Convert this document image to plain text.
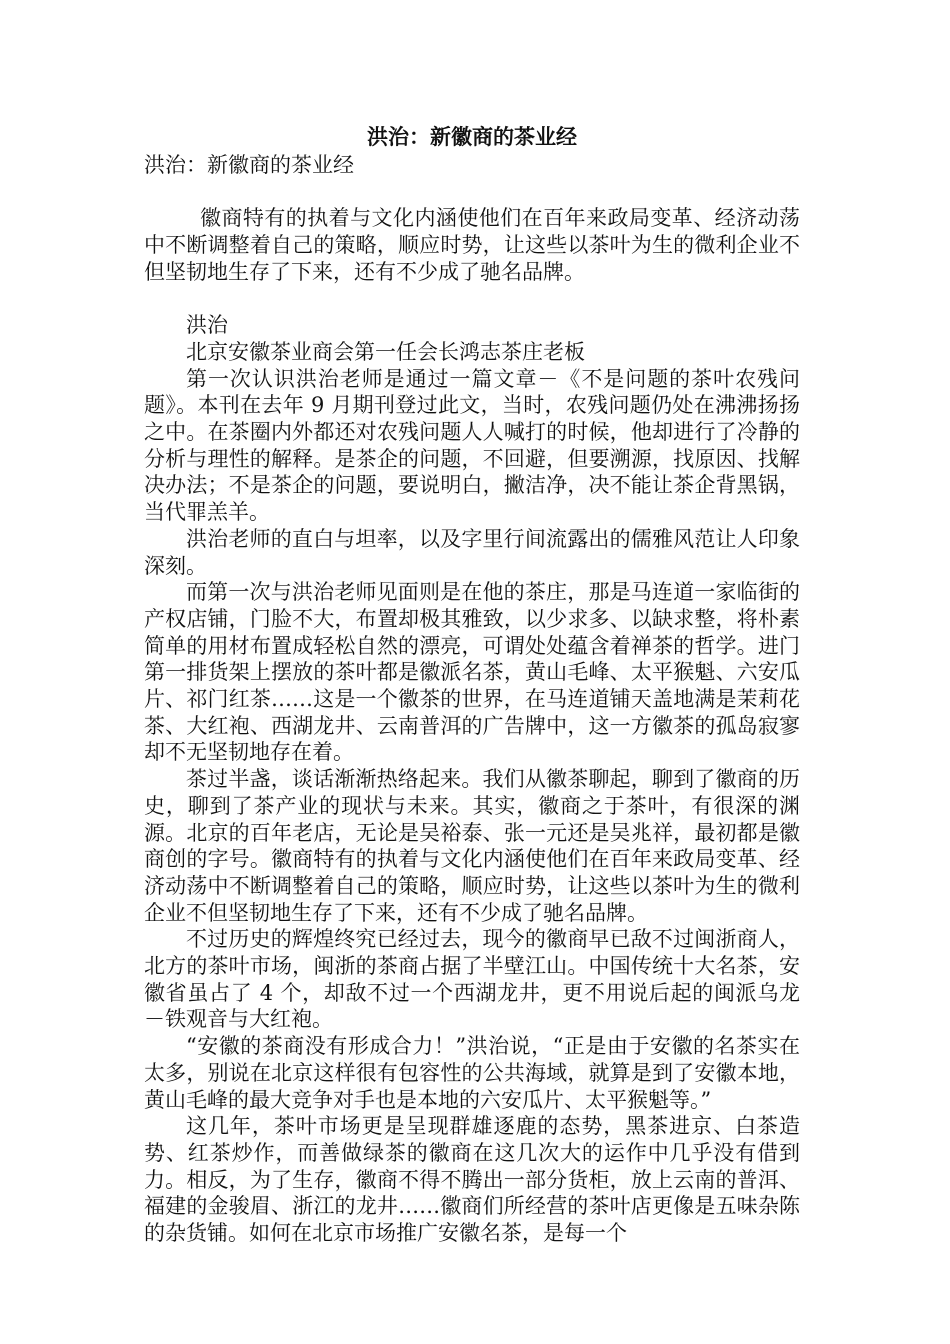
洪治：新徽商的茶业经

洪治：新徽商的茶业经

徽商特有的执着与文化内涵使他们在百年来政局变革、经济动荡中不断调整着自己的策略，顺应时势，让这些以茶叶为生的微利企业不但坚韧地生存了下来，还有不少成了驰名品牌。

洪治

北京安徽茶业商会第一任会长鸿志茶庄老板

第一次认识洪治老师是通过一篇文章－《不是问题的茶叶农残问题》。本刊在去年 9 月期刊登过此文，当时，农残问题仍处在沸沸扬扬之中。在茶圈内外都还对农残问题人人喊打的时候，他却进行了冷静的分析与理性的解释。是茶企的问题，不回避，但要溯源，找原因、找解决办法；不是茶企的问题，要说明白，撇洁净，决不能让茶企背黑锅，当代罪羔羊。

洪治老师的直白与坦率，以及字里行间流露出的儒雅风范让人印象深刻。

而第一次与洪治老师见面则是在他的茶庄，那是马连道一家临街的产权店铺，门脸不大，布置却极其雅致，以少求多、以缺求整，将朴素简单的用材布置成轻松自然的漂亮，可谓处处蕴含着禅茶的哲学。进门第一排货架上摆放的茶叶都是徽派名茶，黄山毛峰、太平猴魁、六安瓜片、祁门红茶……这是一个徽茶的世界，在马连道铺天盖地满是茉莉花茶、大红袍、西湖龙井、云南普洱的广告牌中，这一方徽茶的孤岛寂寥却不无坚韧地存在着。

茶过半盏，谈话渐渐热络起来。我们从徽茶聊起，聊到了徽商的历史，聊到了茶产业的现状与未来。其实，徽商之于茶叶，有很深的渊源。北京的百年老店，无论是吴裕泰、张一元还是吴兆祥，最初都是徽商创的字号。徽商特有的执着与文化内涵使他们在百年来政局变革、经济动荡中不断调整着自己的策略，顺应时势，让这些以茶叶为生的微利企业不但坚韧地生存了下来，还有不少成了驰名品牌。

不过历史的辉煌终究已经过去，现今的徽商早已敌不过闽浙商人，北方的茶叶市场，闽浙的茶商占据了半壁江山。中国传统十大名茶，安徽省虽占了 4 个，却敌不过一个西湖龙井，更不用说后起的闽派乌龙－铁观音与大红袍。

“安徽的茶商没有形成合力！”洪治说，“正是由于安徽的名茶实在太多，别说在北京这样很有包容性的公共海域，就算是到了安徽本地，黄山毛峰的最大竞争对手也是本地的六安瓜片、太平猴魁等。”

这几年，茶叶市场更是呈现群雄逐鹿的态势，黑茶进京、白茶造势、红茶炒作，而善做绿茶的徽商在这几次大的运作中几乎没有借到力。相反，为了生存，徽商不得不腾出一部分货柜，放上云南的普洱、福建的金骏眉、浙江的龙井……徽商们所经营的茶叶店更像是五味杂陈的杂货铺。如何在北京市场推广安徽名茶，是每一个
